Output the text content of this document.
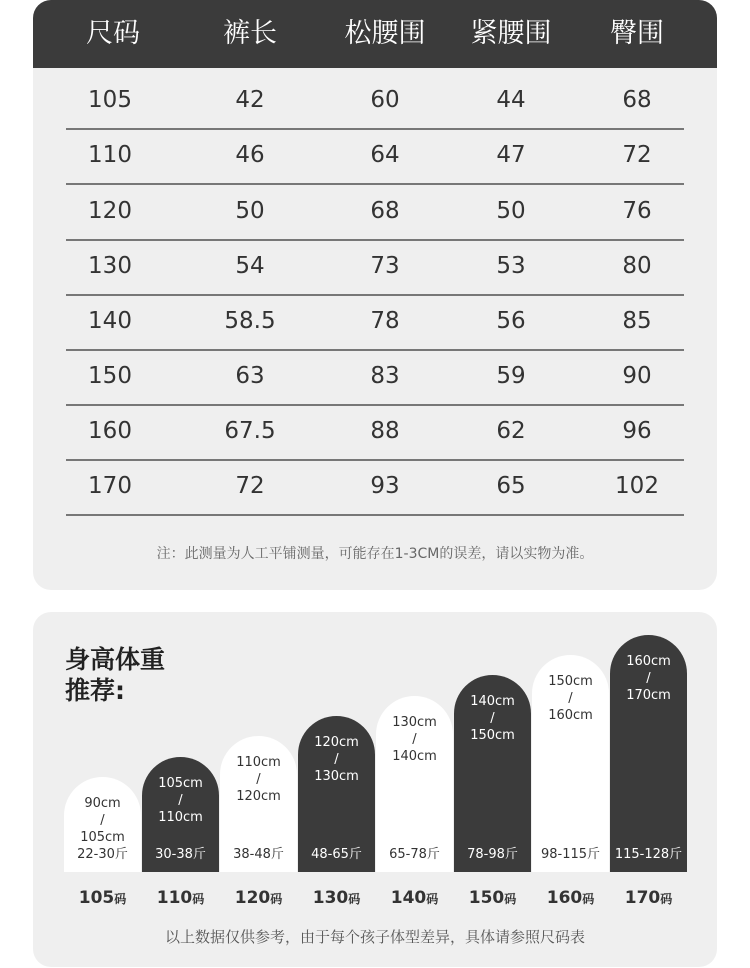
尺码	裤长	松腰围	紧腰围	臀围
105	42	60	44	68
110	46	64	47	72
120	50	68	50	76
130	54	73	53	80
140	58.5	78	56	85
150	63	83	59	90
160	67.5	88	62	96
170	72	93	65	102
注：此测量为人工平铺测量，可能存在1-3CM的误差，请以实物为准。
身高体重
推荐:
90cm
/
105cm
22-30斤
105cm
/
110cm
30-38斤
110cm
/
120cm
38-48斤
120cm
/
130cm
48-65斤
130cm
/
140cm
65-78斤
140cm
/
150cm
78-98斤
150cm
/
160cm
98-115斤
160cm
/
170cm
115-128斤
105码	110码	120码	130码	140码	150码	160码	170码
以上数据仅供参考，由于每个孩子体型差异，具体请参照尺码表
